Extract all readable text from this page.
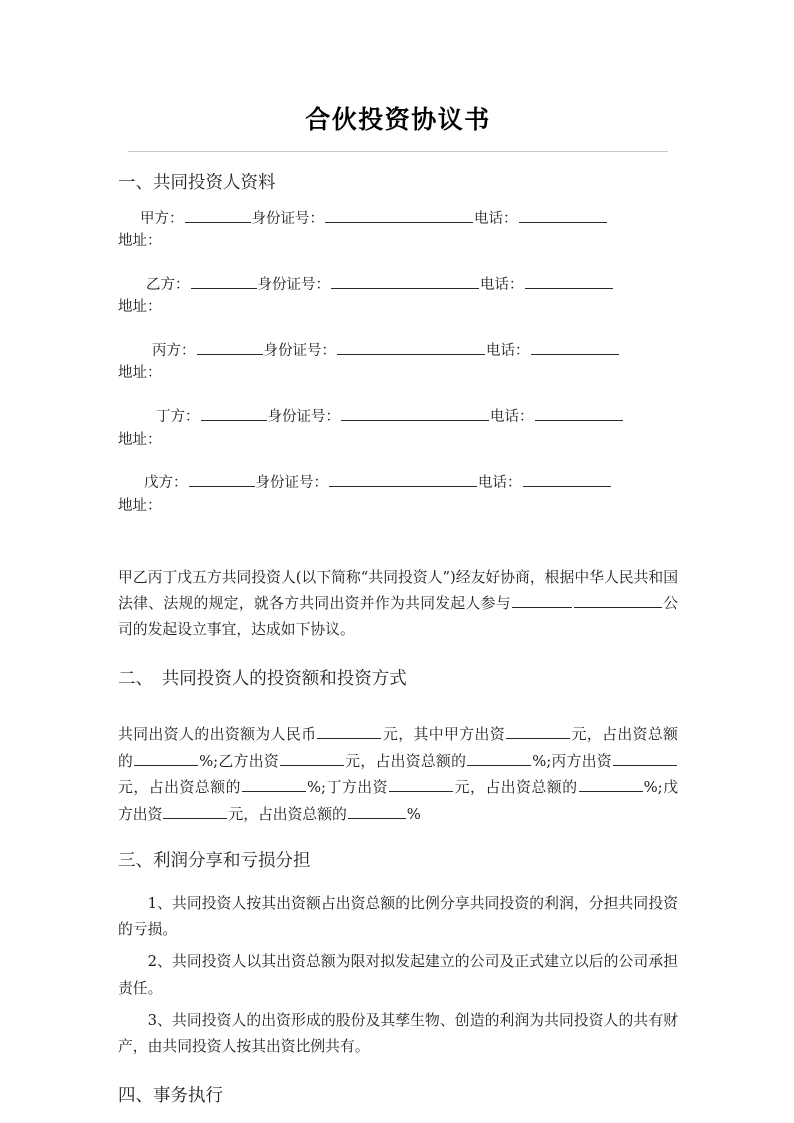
合伙投资协议书
一、共同投资人资料
甲方：	身份证号：	电话：
地址：
乙方：	身份证号：	电话：
地址：
丙方：	身份证号：	电话：
地址：
丁方：	身份证号：	电话：
地址：
戊方：	身份证号：	电话：
地址：

甲乙丙丁戊五方共同投资人(以下简称“共同投资人”)经友好协商，根据中华人民共和国法律、法规的规定，就各方共同出资并作为共同发起人参与	公司的发起设立事宜，达成如下协议。

二、　共同投资人的投资额和投资方式

共同出资人的出资额为人民币	元，其中甲方出资	元，占出资总额的	%;乙方出资	元，占出资总额的	%;丙方出资元，占出资总额的	%;丁方出资	元，占出资总额的	%;戊方出资	元，占出资总额的	%

三、利润分享和亏损分担

1、共同投资人按其出资额占出资总额的比例分享共同投资的利润，分担共同投资的亏损。

2、共同投资人以其出资总额为限对拟发起建立的公司及正式建立以后的公司承担责任。

3、共同投资人的出资形成的股份及其孳生物、创造的利润为共同投资人的共有财产，由共同投资人按其出资比例共有。

四、事务执行
